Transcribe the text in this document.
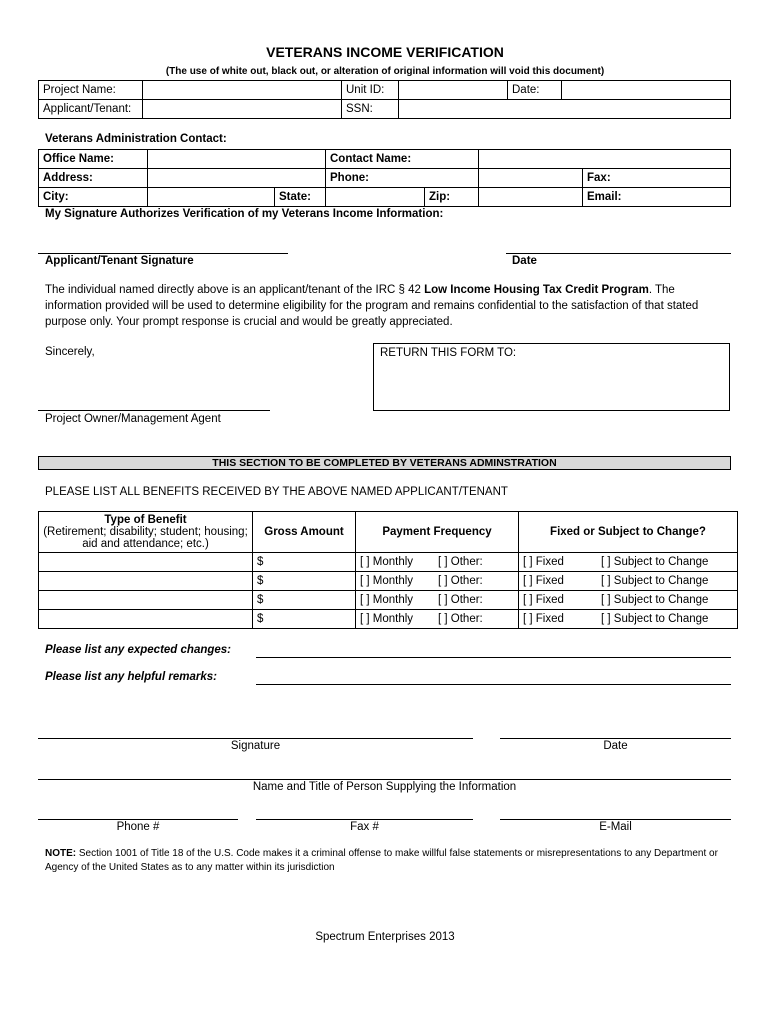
VETERANS INCOME VERIFICATION
(The use of white out, black out, or alteration of original information will void this document)
Project Name:		Unit ID:		Date:	
Applicant/Tenant:		SSN:			
Veterans Administration Contact:
Office Name:			Contact Name:			
Address:			Phone:			Fax:
City:		State:		Zip:		Email:
My Signature Authorizes Verification of my Veterans Income Information:
Applicant/Tenant Signature	Date
The individual named directly above is an applicant/tenant of the IRC § 42 Low Income Housing Tax Credit Program. The information provided will be used to determine eligibility for the program and remains confidential to the satisfaction of that stated purpose only. Your prompt response is crucial and would be greatly appreciated.
Sincerely,	RETURN THIS FORM TO:
Project Owner/Management Agent
THIS SECTION TO BE COMPLETED BY VETERANS ADMINSTRATION
PLEASE LIST ALL BENEFITS RECEIVED BY THE ABOVE NAMED APPLICANT/TENANT
Type of Benefit
(Retirement; disability; student; housing;
aid and attendance; etc.)	Gross Amount	Payment Frequency		Fixed or Subject to Change?	
	$	[ ] Monthly	[ ] Other:	[ ] Fixed	[ ] Subject to Change
	$	[ ] Monthly	[ ] Other:	[ ] Fixed	[ ] Subject to Change
	$	[ ] Monthly	[ ] Other:	[ ] Fixed	[ ] Subject to Change
	$	[ ] Monthly	[ ] Other:	[ ] Fixed	[ ] Subject to Change
Please list any expected changes:
Please list any helpful remarks:
Signature	Date
Name and Title of Person Supplying the Information
Phone #	Fax #	E-Mail
NOTE: Section 1001 of Title 18 of the U.S. Code makes it a criminal offense to make willful false statements or misrepresentations to any Department or Agency of the United States as to any matter within its jurisdiction
Spectrum Enterprises 2013
